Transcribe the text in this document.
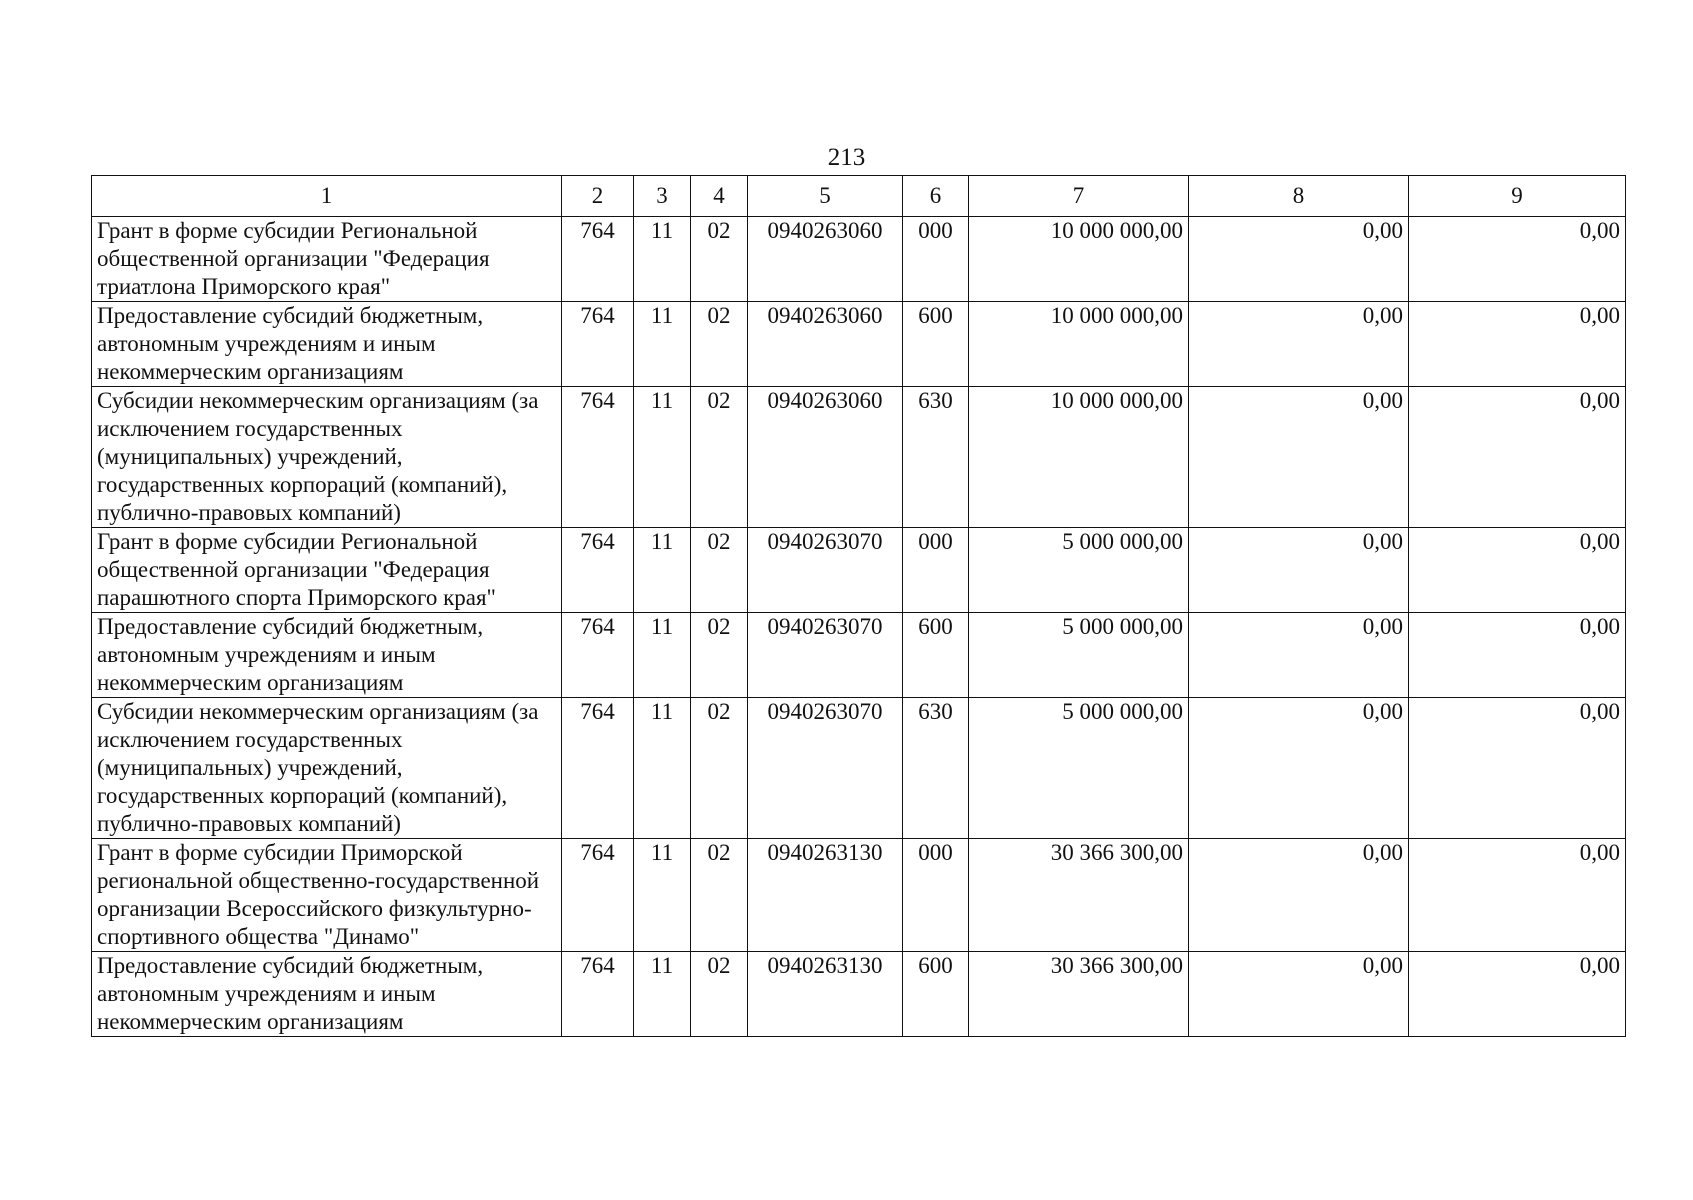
213
1	2	3	4	5	6	7	8	9
Грант в форме субсидии Региональной общественной организации "Федерация триатлона Приморского края"	764	11	02	0940263060	000	10 000 000,00	0,00	0,00
Предоставление субсидий бюджетным, автономным учреждениям и иным некоммерческим организациям	764	11	02	0940263060	600	10 000 000,00	0,00	0,00
Субсидии некоммерческим организациям (за исключением государственных (муниципальных) учреждений, государственных корпораций (компаний), публично-правовых компаний)	764	11	02	0940263060	630	10 000 000,00	0,00	0,00
Грант в форме субсидии Региональной общественной организации "Федерация парашютного спорта Приморского края"	764	11	02	0940263070	000	5 000 000,00	0,00	0,00
Предоставление субсидий бюджетным, автономным учреждениям и иным некоммерческим организациям	764	11	02	0940263070	600	5 000 000,00	0,00	0,00
Субсидии некоммерческим организациям (за исключением государственных (муниципальных) учреждений, государственных корпораций (компаний), публично-правовых компаний)	764	11	02	0940263070	630	5 000 000,00	0,00	0,00
Грант в форме субсидии Приморской региональной общественно-государственной организации Всероссийского физкультурно-спортивного общества "Динамо"	764	11	02	0940263130	000	30 366 300,00	0,00	0,00
Предоставление субсидий бюджетным, автономным учреждениям и иным некоммерческим организациям	764	11	02	0940263130	600	30 366 300,00	0,00	0,00
